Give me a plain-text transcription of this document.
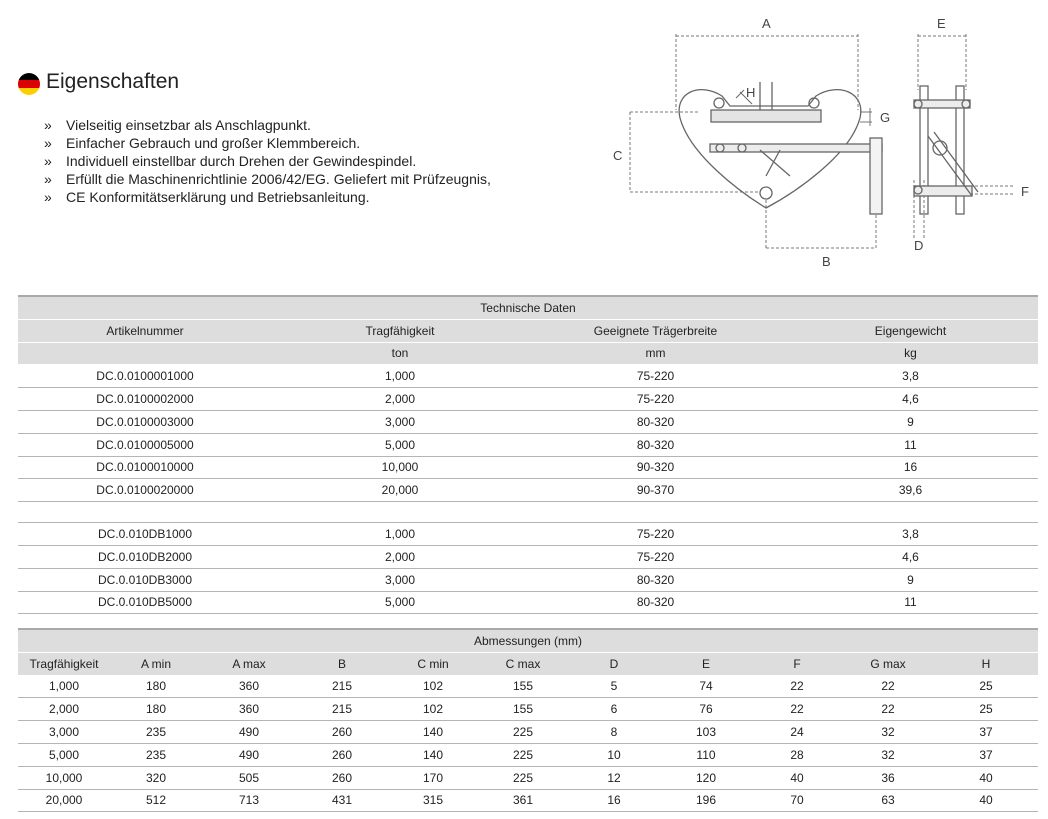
Eigenschaften
» Vielseitig einsetzbar als Anschlagpunkt.
» Einfacher Gebrauch und großer Klemmbereich.
» Individuell einstellbar durch Drehen der Gewindespindel.
» Erfüllt die Maschinenrichtlinie 2006/42/EG. Geliefert mit Prüfzeugnis,
» CE Konformitätserklärung und Betriebsanleitung.
A	E
H
G
C
F
D
B
Technische Daten			
Artikelnummer	Tragfähigkeit	Geeignete Trägerbreite	Eigengewicht
	ton	mm	kg
DC.0.0100001000	1,000	75-220	3,8
DC.0.0100002000	2,000	75-220	4,6
DC.0.0100003000	3,000	80-320	9
DC.0.0100005000	5,000	80-320	11
DC.0.0100010000	10,000	90-320	16
DC.0.0100020000	20,000	90-370	39,6

DC.0.010DB1000	1,000	75-220	3,8
DC.0.010DB2000	2,000	75-220	4,6
DC.0.010DB3000	3,000	80-320	9
DC.0.010DB5000	5,000	80-320	11
Abmessungen (mm)										
Tragfähigkeit	A min	A max	B	C min	C max	D	E	F	G max	H
1,000	180	360	215	102	155	5	74	22	22	25
2,000	180	360	215	102	155	6	76	22	22	25
3,000	235	490	260	140	225	8	103	24	32	37
5,000	235	490	260	140	225	10	110	28	32	37
10,000	320	505	260	170	225	12	120	40	36	40
20,000	512	713	431	315	361	16	196	70	63	40
